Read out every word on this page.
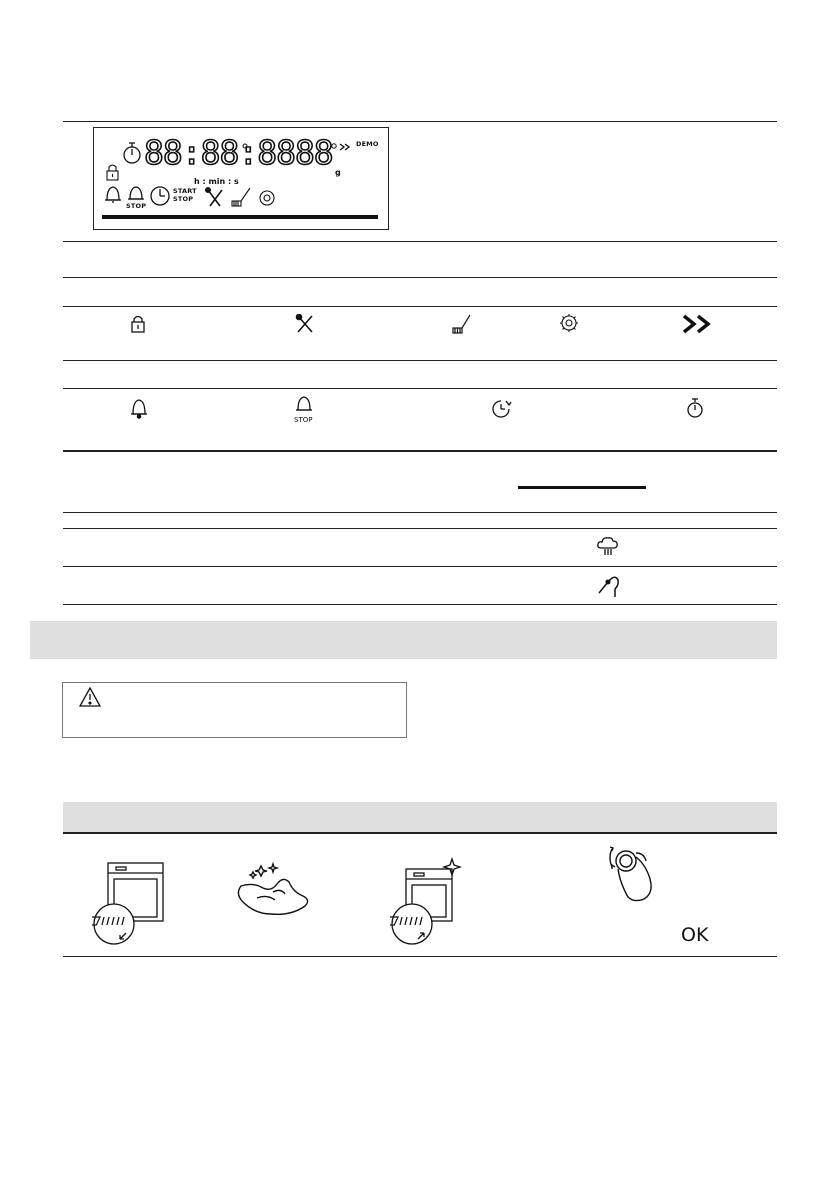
88:88:8888
g
DEMO
h : min : s
STOP
START
STOP
STOP
OK
